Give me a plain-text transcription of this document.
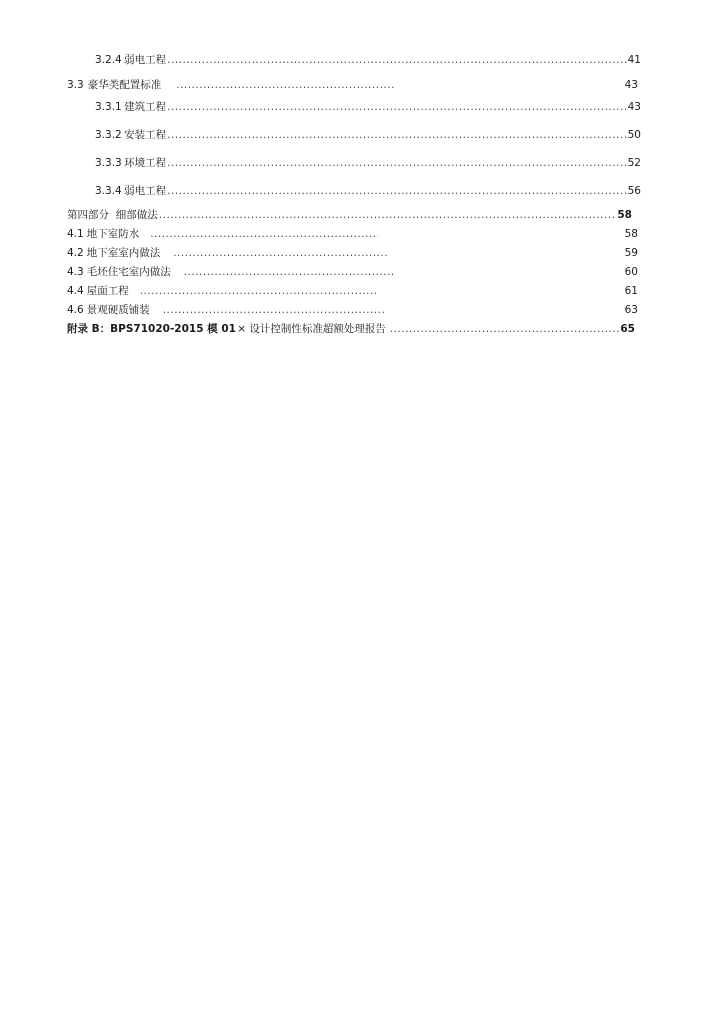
3.2.4 弱电工程 .....	41
3.3 豪华类配置标准 .....	43
3.3.1 建筑工程 .....	43
3.3.2 安装工程 .....	50
3.3.3 环境工程 .....	52
3.3.4 弱电工程 .....	56
第四部分 细部做法 .....	58
4.1 地下室防水 .....	58
4.2 地下室室内做法 .....	59
4.3 毛坯住宅室内做法 .....	60
4.4 屋面工程 .....	61
4.6 景观硬质铺装 .....	63
附录 B：BPS71020-2015 模 01 × 设计控制性标准超额处理报告 .....	65
